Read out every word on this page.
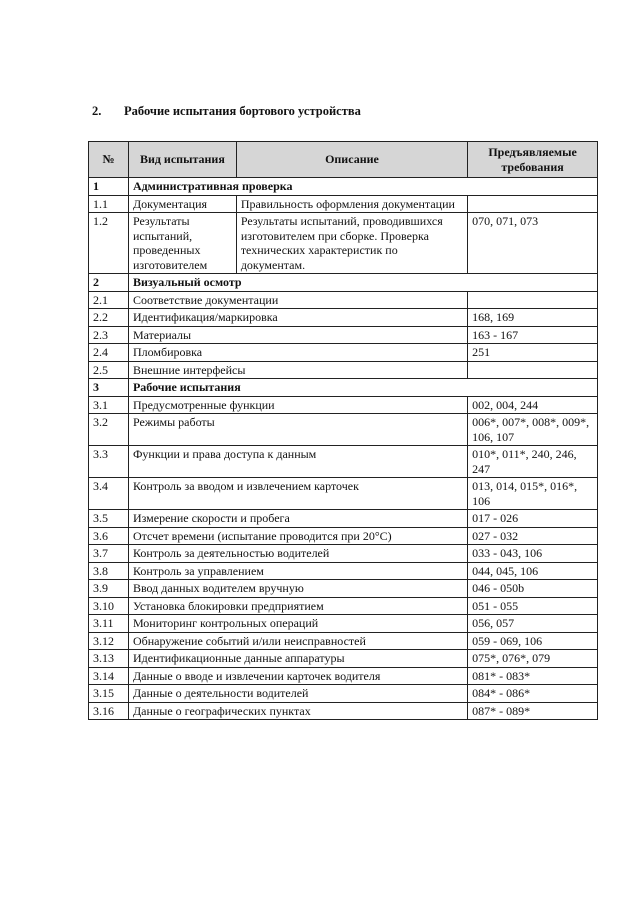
2. Рабочие испытания бортового устройства
№	Вид испытания	Описание	Предъявляемые требования
1	Административная проверка		
1.1	Документация	Правильность оформления документации	
1.2	Результаты испытаний, проведенных изготовителем	Результаты испытаний, проводившихся изготовителем при сборке. Проверка технических характеристик по документам.	070, 071, 073
2	Визуальный осмотр		
2.1	Соответствие документации		
2.2	Идентификация/маркировка		168, 169
2.3	Материалы		163 - 167
2.4	Пломбировка		251
2.5	Внешние интерфейсы		
3	Рабочие испытания		
3.1	Предусмотренные функции		002, 004, 244
3.2	Режимы работы		006*, 007*, 008*, 009*, 106, 107
3.3	Функции и права доступа к данным		010*, 011*, 240, 246, 247
3.4	Контроль за вводом и извлечением карточек		013, 014, 015*, 016*, 106
3.5	Измерение скорости и пробега		017 - 026
3.6	Отсчет времени (испытание проводится при 20°С)		027 - 032
3.7	Контроль за деятельностью водителей		033 - 043, 106
3.8	Контроль за управлением		044, 045, 106
3.9	Ввод данных водителем вручную		046 - 050b
3.10	Установка блокировки предприятием		051 - 055
3.11	Мониторинг контрольных операций		056, 057
3.12	Обнаружение событий и/или неисправностей		059 - 069, 106
3.13	Идентификационные данные аппаратуры		075*, 076*, 079
3.14	Данные о вводе и извлечении карточек водителя		081* - 083*
3.15	Данные о деятельности водителей		084* - 086*
3.16	Данные о географических пунктах		087* - 089*
